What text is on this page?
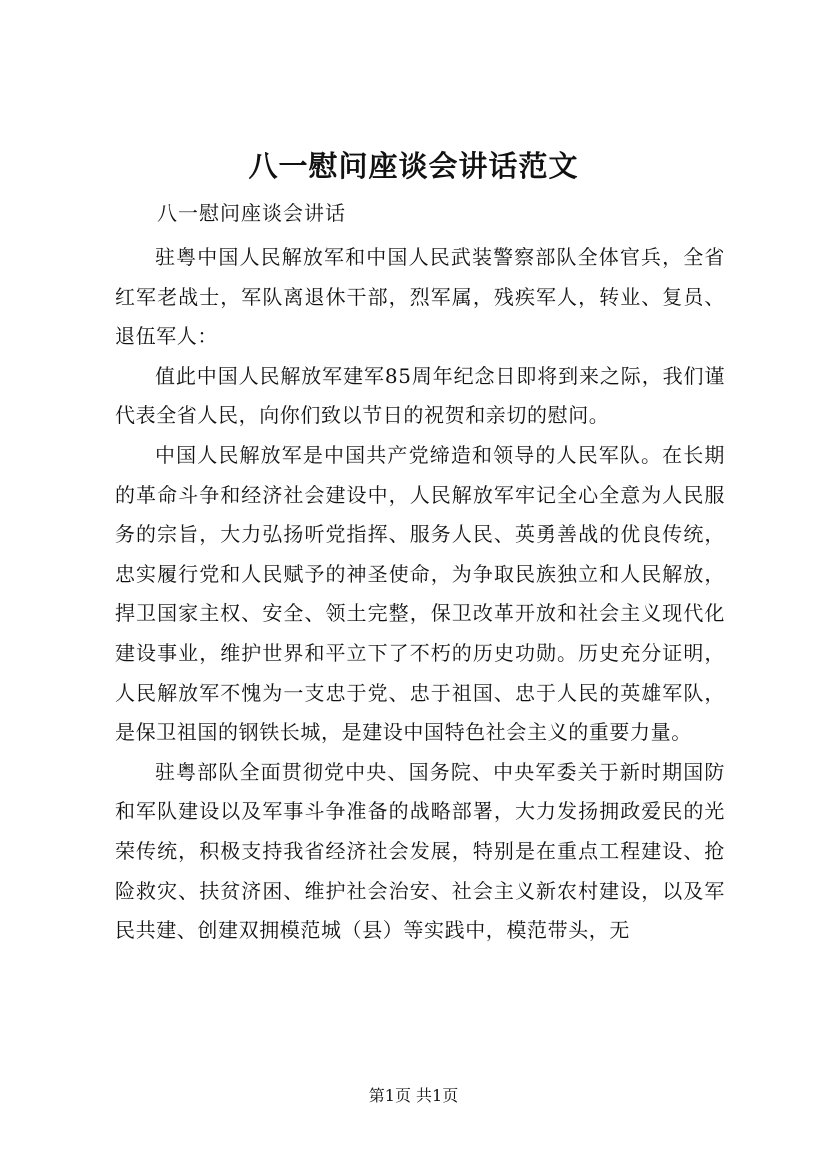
八一慰问座谈会讲话范文

八一慰问座谈会讲话

驻粤中国人民解放军和中国人民武装警察部队全体官兵，全省红军老战士，军队离退休干部，烈军属，残疾军人，转业、复员、退伍军人：

值此中国人民解放军建军85周年纪念日即将到来之际，我们谨代表全省人民，向你们致以节日的祝贺和亲切的慰问。

中国人民解放军是中国共产党缔造和领导的人民军队。在长期的革命斗争和经济社会建设中，人民解放军牢记全心全意为人民服务的宗旨，大力弘扬听党指挥、服务人民、英勇善战的优良传统，忠实履行党和人民赋予的神圣使命，为争取民族独立和人民解放，捍卫国家主权、安全、领土完整，保卫改革开放和社会主义现代化建设事业，维护世界和平立下了不朽的历史功勋。历史充分证明，人民解放军不愧为一支忠于党、忠于祖国、忠于人民的英雄军队，是保卫祖国的钢铁长城，是建设中国特色社会主义的重要力量。

驻粤部队全面贯彻党中央、国务院、中央军委关于新时期国防和军队建设以及军事斗争准备的战略部署，大力发扬拥政爱民的光荣传统，积极支持我省经济社会发展，特别是在重点工程建设、抢险救灾、扶贫济困、维护社会治安、社会主义新农村建设，以及军民共建、创建双拥模范城（县）等实践中，模范带头，无

第1页 共1页
